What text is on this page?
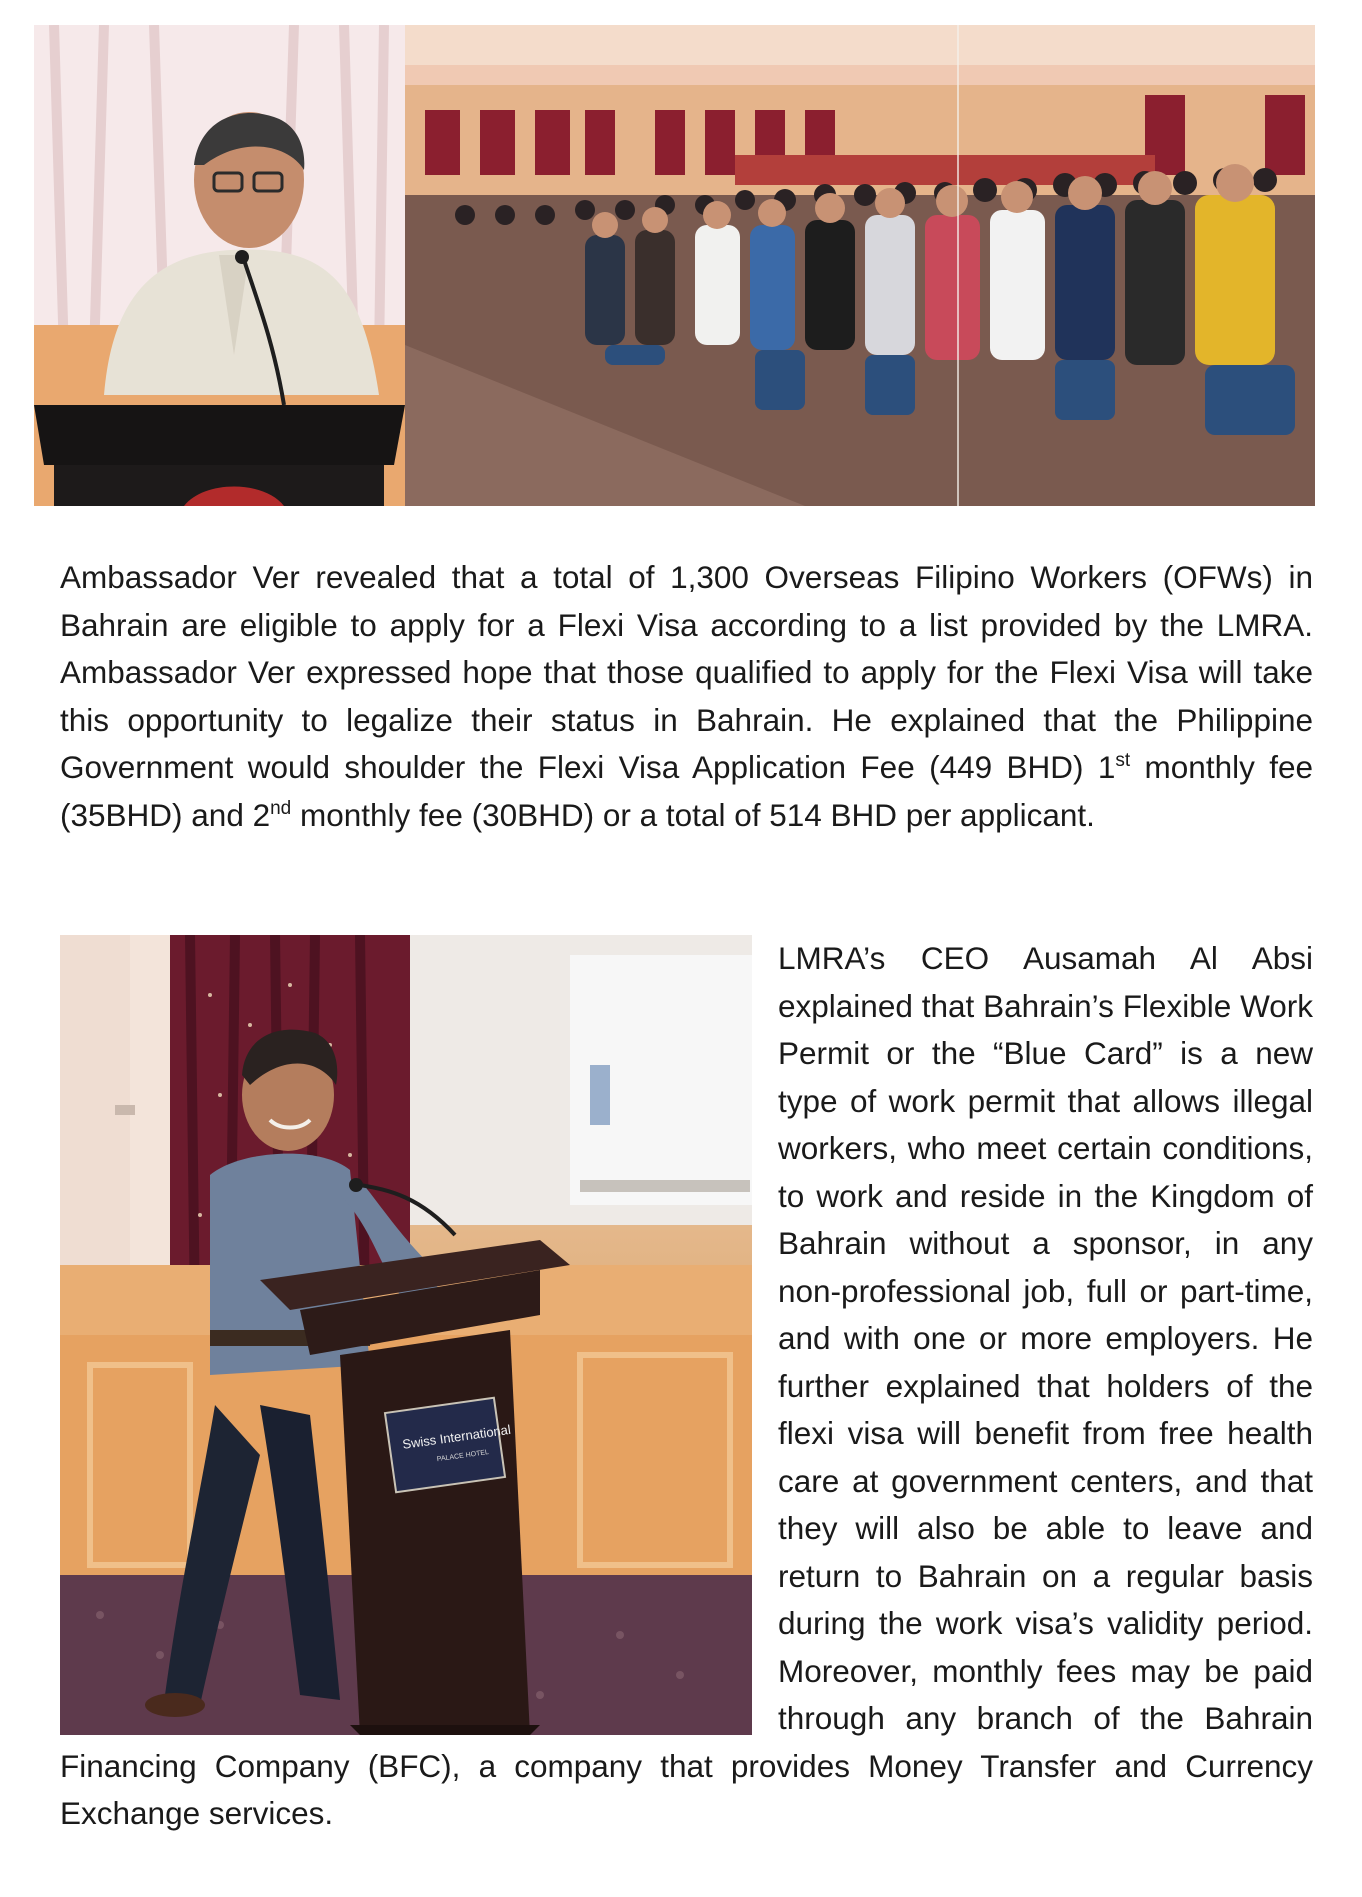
Ambassador Ver revealed that a total of 1,300 Overseas Filipino Workers (OFWs) in Bahrain are eligible to apply for a Flexi Visa according to a list provided by the LMRA. Ambassador Ver expressed hope that those qualified to apply for the Flexi Visa will take this opportunity to legalize their status in Bahrain. He explained that the Philippine Government would shoulder the Flexi Visa Application Fee (449 BHD) 1st monthly fee (35BHD) and 2nd monthly fee (30BHD) or a total of 514 BHD per applicant.

Swiss International
PALACE HOTEL

LMRA’s CEO Ausamah Al Absi explained that Bahrain’s Flexible Work Permit or the “Blue Card” is a new type of work permit that allows illegal workers, who meet certain conditions, to work and reside in the Kingdom of Bahrain without a sponsor, in any non-professional job, full or part-time, and with one or more employers. He further explained that holders of the flexi visa will benefit from free health care at government centers, and that they will also be able to leave and return to Bahrain on a regular basis during the work visa’s validity period. Moreover, monthly fees may be paid through any branch of the Bahrain Financing Company (BFC), a company that provides Money Transfer and Currency Exchange services.
